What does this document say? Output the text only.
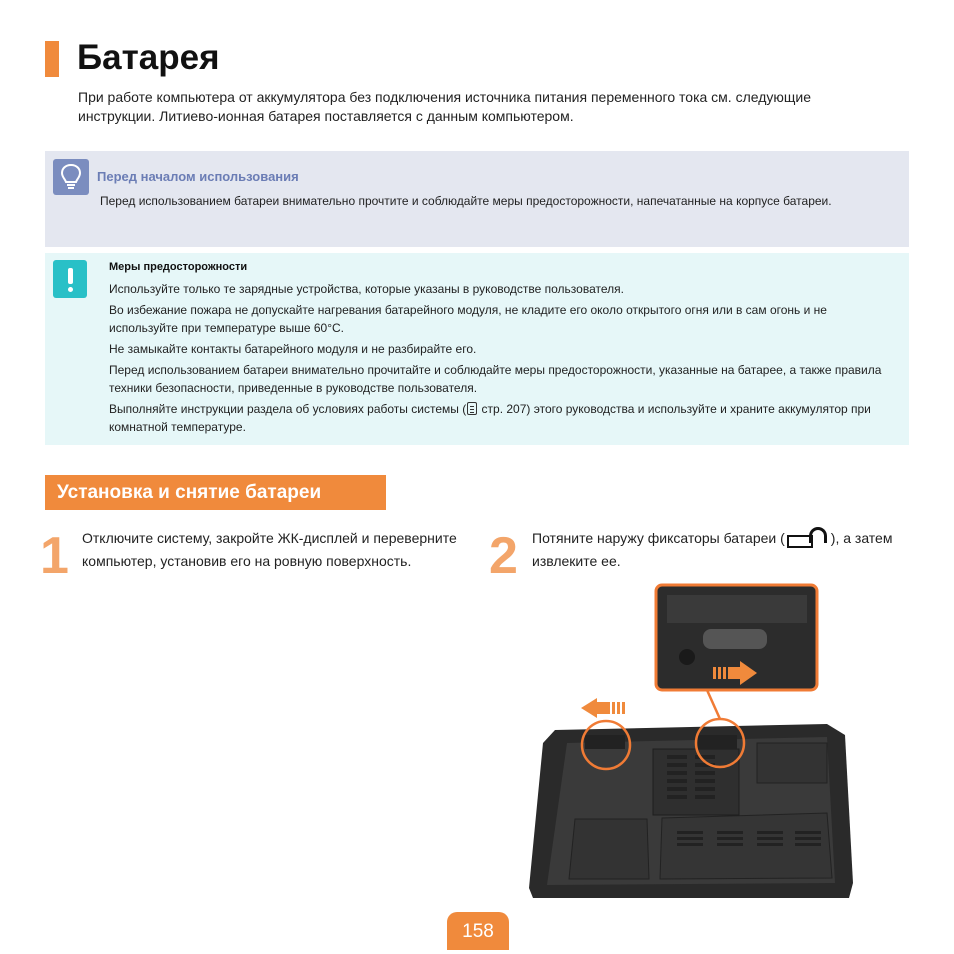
Батарея

При работе компьютера от аккумулятора без подключения источника питания переменного тока см. следующие инструкции. Литиево-ионная батарея поставляется с данным компьютером.

Перед началом использования
Перед использованием батареи внимательно прочтите и соблюдайте меры предосторожности, напечатанные на корпусе батареи.
Меры предосторожности

Используйте только те зарядные устройства, которые указаны в руководстве пользователя.

Во избежание пожара не допускайте нагревания батарейного модуля, не кладите его около открытого огня или в сам огонь и не используйте при температуре выше 60°C.

Не замыкайте контакты батарейного модуля и не разбирайте его.

Перед использованием батареи внимательно прочитайте и соблюдайте меры предосторожности, указанные на батарее, а также правила техники безопасности, приведенные в руководстве пользователя.

Выполняйте инструкции раздела об условиях работы системы ( стр. 207) этого руководства и используйте и храните аккумулятор при комнатной температуре.

Установка и снятие батареи
1 Отключите систему, закройте ЖК-дисплей и переверните компьютер, установив его на ровную поверхность.	2 Потяните наружу фиксаторы батареи (	), а затем извлеките ее.
158
